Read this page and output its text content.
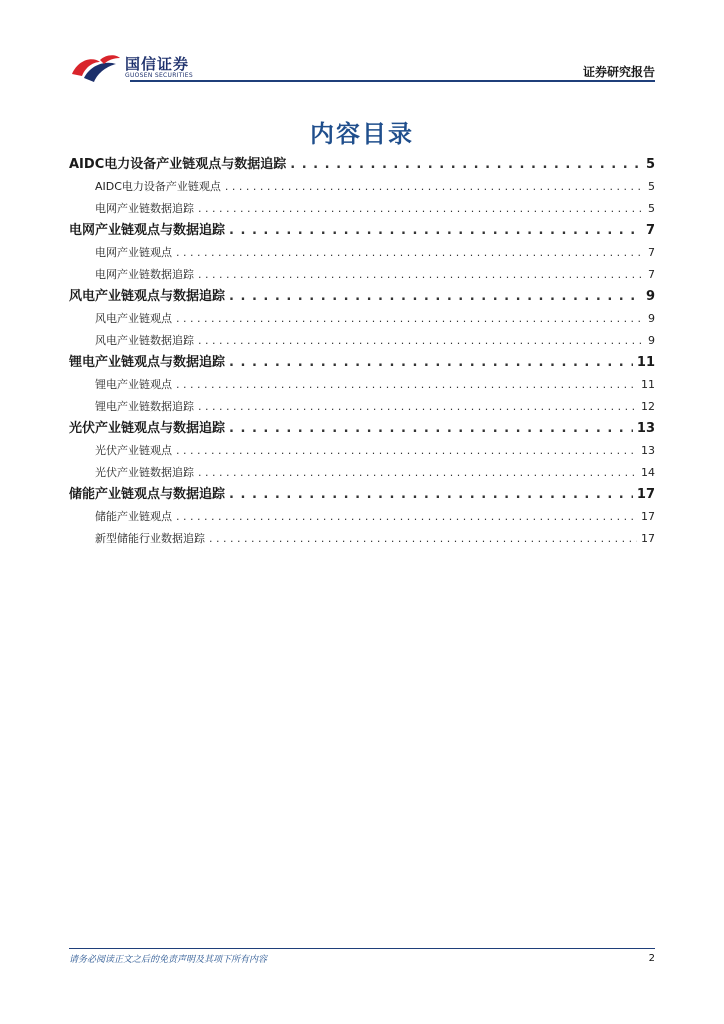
国信证券
GUOSEN SECURITIES	证券研究报告
内容目录
AIDC电力设备产业链观点与数据追踪 . . .	5
AIDC电力设备产业链观点 . . .	5
电网产业链数据追踪 . . .	5
电网产业链观点与数据追踪 . . .	7
电网产业链观点 . . .	7
电网产业链数据追踪 . . .	7
风电产业链观点与数据追踪 . . .	9
风电产业链观点 . . .	9
风电产业链数据追踪 . . .	9
锂电产业链观点与数据追踪 . . .	11
锂电产业链观点 . . .	11
锂电产业链数据追踪 . . .	12
光伏产业链观点与数据追踪 . . .	13
光伏产业链观点 . . .	13
光伏产业链数据追踪 . . .	14
储能产业链观点与数据追踪 . . .	17
储能产业链观点 . . .	17
新型储能行业数据追踪 . . .	17
请务必阅读正文之后的免责声明及其项下所有内容	2
